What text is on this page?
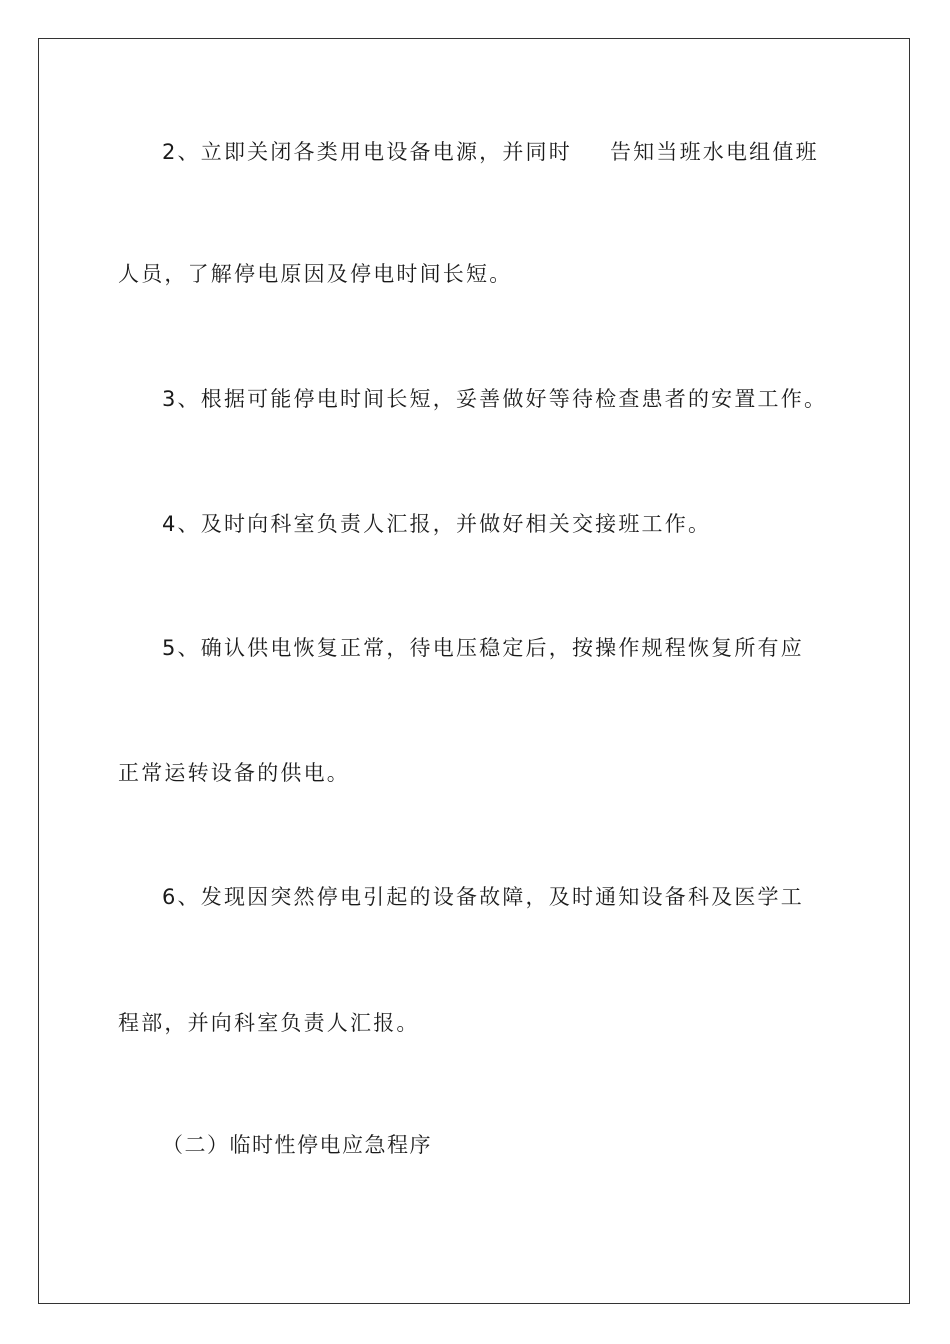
2、立即关闭各类用电设备电源，并同时 告知当班水电组值班
人员，了解停电原因及停电时间长短。
3、根据可能停电时间长短，妥善做好等待检查患者的安置工作。
4、及时向科室负责人汇报，并做好相关交接班工作。
5、确认供电恢复正常，待电压稳定后，按操作规程恢复所有应
正常运转设备的供电。
6、发现因突然停电引起的设备故障，及时通知设备科及医学工
程部，并向科室负责人汇报。
（二）临时性停电应急程序
